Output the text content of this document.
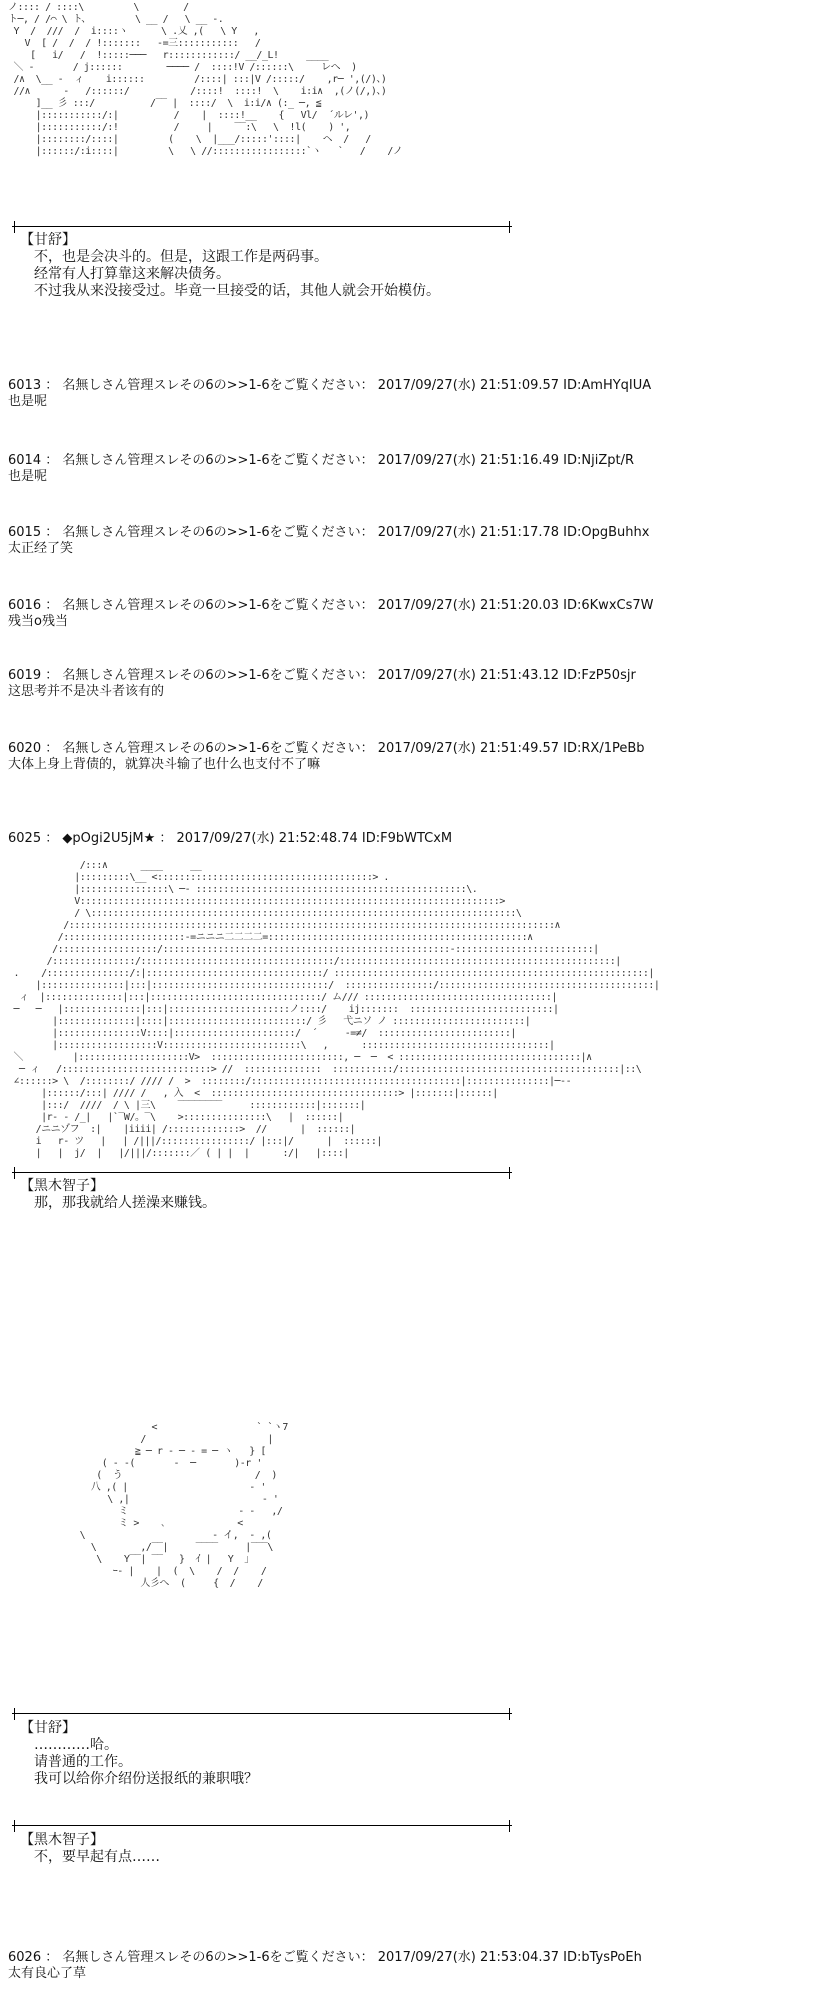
ノ:::: / ::::\         \        /
ト─, / /⌒ \ ト、        \ __ /   \ __ -.
Y  /  ///  /  i::::ヽ      \ .乂 ,(   \ Y   ,
V  [ /  /  / !:::::::   -=三:::::::::::   /
[   i/   /  !:::::───   r::::::::::::/ __/_L!     ____
＼ ‐       / j::::::        ──── /  ::::!V /::::::\     レへ  )
/∧  \__ ‐  ィ    i::::::         /::::| :::|V /:::::/    ,r─ ',(/)、)
//∧      ‐   /::::::/           /::::!  ::::!  \    i:i∧  ,(ノ(/,)、)
]__ 彡 :::/          /‾‾ |  ::::/  \  i:i/∧ (:_ ─, ≦
|:::::::::::/:|          /    |  ::::!__    {   Vl/  ´ルレ',)
|:::::::::::/:!          /     |    ‾‾:\   \  !l(    ) ',
|::::::::/::::|         (    \  |___/:::::'::::|    ヘ  /   /
|::::::/:i::::|         \   \ //:::::::::::::::::`ヽ   `   /    /ノ
【甘舒】
不，也是会决斗的。但是，这跟工作是两码事。
经常有人打算靠这来解决债务。
不过我从来没接受过。毕竟一旦接受的话，其他人就会开始模仿。
6013 ： 名無しさん管理スレその6の>>1-6をご覧ください： 2017/09/27(水) 21:51:09.57 ID:AmHYqIUA
也是呢
6014 ： 名無しさん管理スレその6の>>1-6をご覧ください： 2017/09/27(水) 21:51:16.49 ID:NjiZpt/R
也是呢
6015 ： 名無しさん管理スレその6の>>1-6をご覧ください： 2017/09/27(水) 21:51:17.78 ID:OpgBuhhx
太正经了笑
6016 ： 名無しさん管理スレその6の>>1-6をご覧ください： 2017/09/27(水) 21:51:20.03 ID:6KwxCs7W
残当o残当
6019 ： 名無しさん管理スレその6の>>1-6をご覧ください： 2017/09/27(水) 21:51:43.12 ID:FzP50sjr
这思考并不是决斗者该有的
6020 ： 名無しさん管理スレその6の>>1-6をご覧ください： 2017/09/27(水) 21:51:49.57 ID:RX/1PeBb
大体上身上背债的，就算决斗输了也什么也支付不了嘛
6025 ： ◆pOgi2U5jM★ ： 2017/09/27(水) 21:52:48.74 ID:F9bWTCxM
/:::∧      ____     __
|:::::::::\__ <:::::::::::::::::::::::::::::::::::::::> .
|::::::::::::::::\ ─‐ :::::::::::::::::::::::::::::::::::::::::::::::::\.
V::::::::::::::::::::::::::::::::::::::::::::::::::::::::::::::::::::::::::::>
/ \:::::::::::::::::::::::::::::::::::::::::::::::::::::::::::::::::::::::::::::\
/::::::::::::::::::::::::::::::::::::::::::::::::::::::::::::::::::::::::::::::::::::::::∧
/::::::::::::::::::::::‐=ニニニ二二二二=:::::::::::::::::::::::::::::::::::::::::::::::∧
/::::::::::::::::::/::::::::::::::::::::::::::::::::::::::::::::::::::::‐:::::::::::::::::::::::::|
/:::::::::::::::/:::::::::::::::::::::::::::::::::::/::::::::::::::::::::::::::::::::::::::::::::::::::|
.    /:::::::::::::::/:|::::::::::::::::::::::::::::::::/ :::::::::::::::::::::::::::::::::::::::::::::::::::::::::|
|:::::::::::::::|:::|::::::::::::::::::::::::::::::::/  ::::::::::::::::/:::::::::::::::::::::::::::::::::::::::|
ィ  |::::::::::::::|:::|:::::::::::::::::::::::::::::::/ ム/// ::::::::::::::::::::::::::::::::::|
─   ─   |::::::::::::::|:::|::::::::::::::::::::::ノ::::/    ij:::::::  ::::::::::::::::::::::::::|
|::::::::::::::|::::|:::::::::::::::::::::::::/ 彡   弋ニソ ノ ::::::::::::::::::::::::|
|:::::::::::::::V::::|::::::::::::::::::::::/  ´     ‐=≠/  ::::::::::::::::::::::::|
|::::::::::::::::::V:::::::::::::::::::::::::\   ,      ::::::::::::::::::::::::::::::::::|
＼         |::::::::::::::::::::V>  ::::::::::::::::::::::::, ─  ─  < :::::::::::::::::::::::::::::::::|∧
─ ィ   /:::::::::::::::::::::::::::> //  ::::::::::::::  :::::::::::/::::::::::::::::::::::::::::::::::::::::|::\
∠::::::> \  /::::::::/ //// /  >  ::::::::/::::::::::::::::::::::::::::::::::::::|:::::::::::::::|─‐‐
|::::::/:::| //// /   , 入  <  ::::::::::::::::::::::::::::::::::> |:::::::|::::::|
|:::/  ////  / \ |三\    ‾‾‾‾‾‾‾‾     ::::::::::::|:::::::|
|r‐ ‐ /_|   |`‾W/。‾\    >:::::::::::::::\   |  ::::::|
/ニニゾフ  :|    |iiii| /:::::::::::::>  //      |  ::::::|
i   r‐ ツ   |   | /|||/::::::::::::::::/ |:::|/      |  ::::::|
|   |  j/  |   |/|||/:::::::／ ( | |  |      :/|   |::::|
【黑木智子】
那，那我就给人搓澡来赚钱。
<                  ` `ヽ7
/                      |
≧ ─ r ‐ ─ ‐ = ─ ヽ   } [
( ‐ ‐(       ‐  ─       )‐r '
(  う                        /  )
八 ,( |                      ‐ '
\ ,|                        - '
ミ                    ‐ ‐   ,/
ミ >    ､             <
\                       ‐ イ,  ‐ ,(
\        ,/‾‾|     ‾‾‾‾     |‾‾‾\
\    Y‾‾| ‾‾   }  ｲ |   Y  ｣
ｰ‐ |    |  (  \    /  /    /
人彡へ  (     {  /    /
【甘舒】
…………哈。
请普通的工作。
我可以给你介绍份送报纸的兼职哦？
【黑木智子】
不，要早起有点……
6026 ： 名無しさん管理スレその6の>>1-6をご覧ください： 2017/09/27(水) 21:53:04.37 ID:bTysPoEh
太有良心了草
